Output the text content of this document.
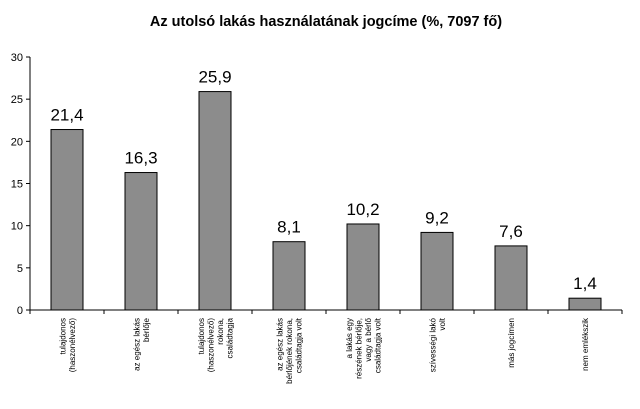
Az utolsó lakás használatának jogcíme (%, 7097 fő)
0
5
10
15
20
25
30
21,4
16,3
25,9
8,1
10,2	9,2
7,6
1,4
tulajdonos (haszonélvező)	az egész lakás bérlője	tulajdonos (haszonélvező) rokona, családtagja	az egész lakás bérlőjének rokona, családtagja volt	a lakás egy részének bérlője, vagy a bérlő családtagja volt	szívességi lakó volt	más jogcímen	nem emlékszik
